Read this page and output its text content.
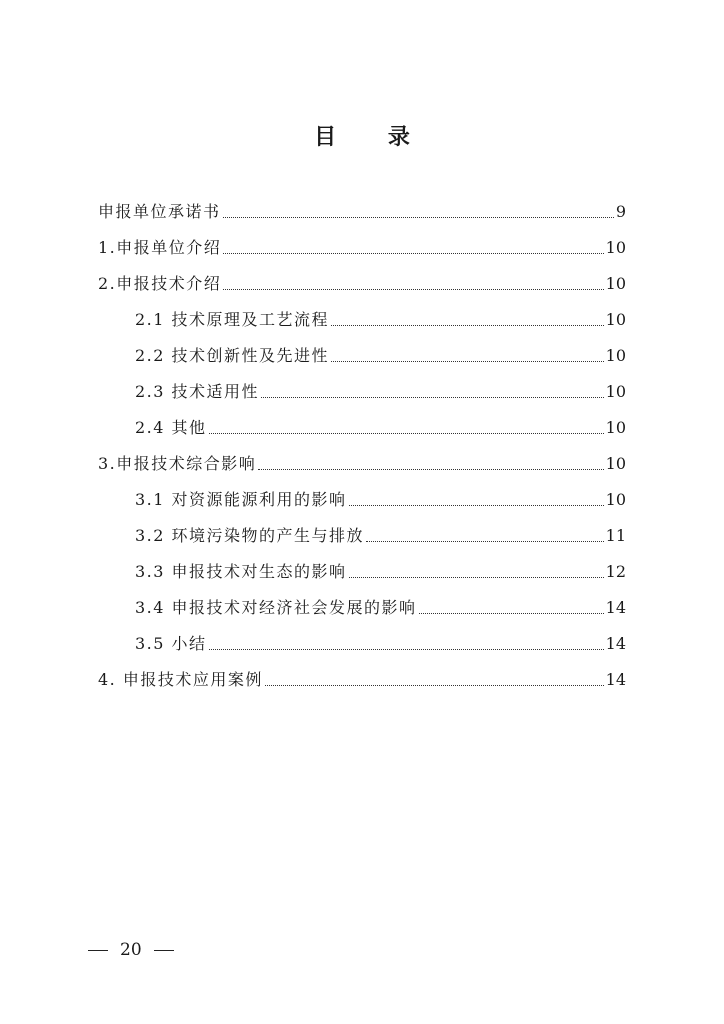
目 录
申报单位承诺书	9
1.申报单位介绍	10
2.申报技术介绍	10
2.1 技术原理及工艺流程	10
2.2 技术创新性及先进性	10
2.3 技术适用性	10
2.4 其他	10
3.申报技术综合影响	10
3.1 对资源能源利用的影响	10
3.2 环境污染物的产生与排放	11
3.3 申报技术对生态的影响	12
3.4 申报技术对经济社会发展的影响	14
3.5 小结	14
4. 申报技术应用案例	14
20
